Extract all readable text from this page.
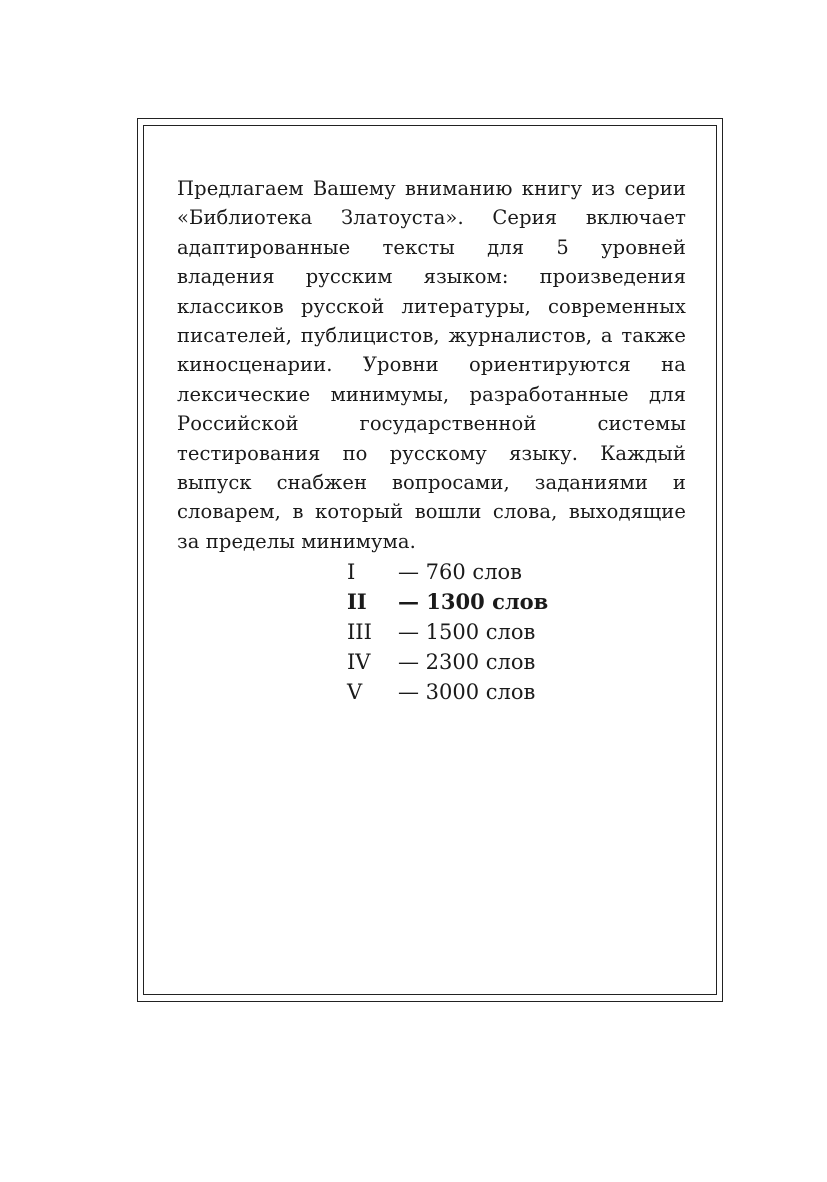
Предлагаем Вашему вниманию книгу из серии «Библиотека Златоуста». Серия включает адаптированные тексты для 5 уровней владения русским языком: произведения классиков русской литературы, современных писателей, публицистов, журналистов, а также киносценарии. Уровни ориентируются на лексические минимумы, разработанные для Российской государственной системы тестирования по русскому языку. Каждый выпуск снабжен вопросами, заданиями и словарем, в который вошли слова, выходящие за пределы минимума.

I — 760 слов
II — 1300 слов
III — 1500 слов
IV — 2300 слов
V — 3000 слов
